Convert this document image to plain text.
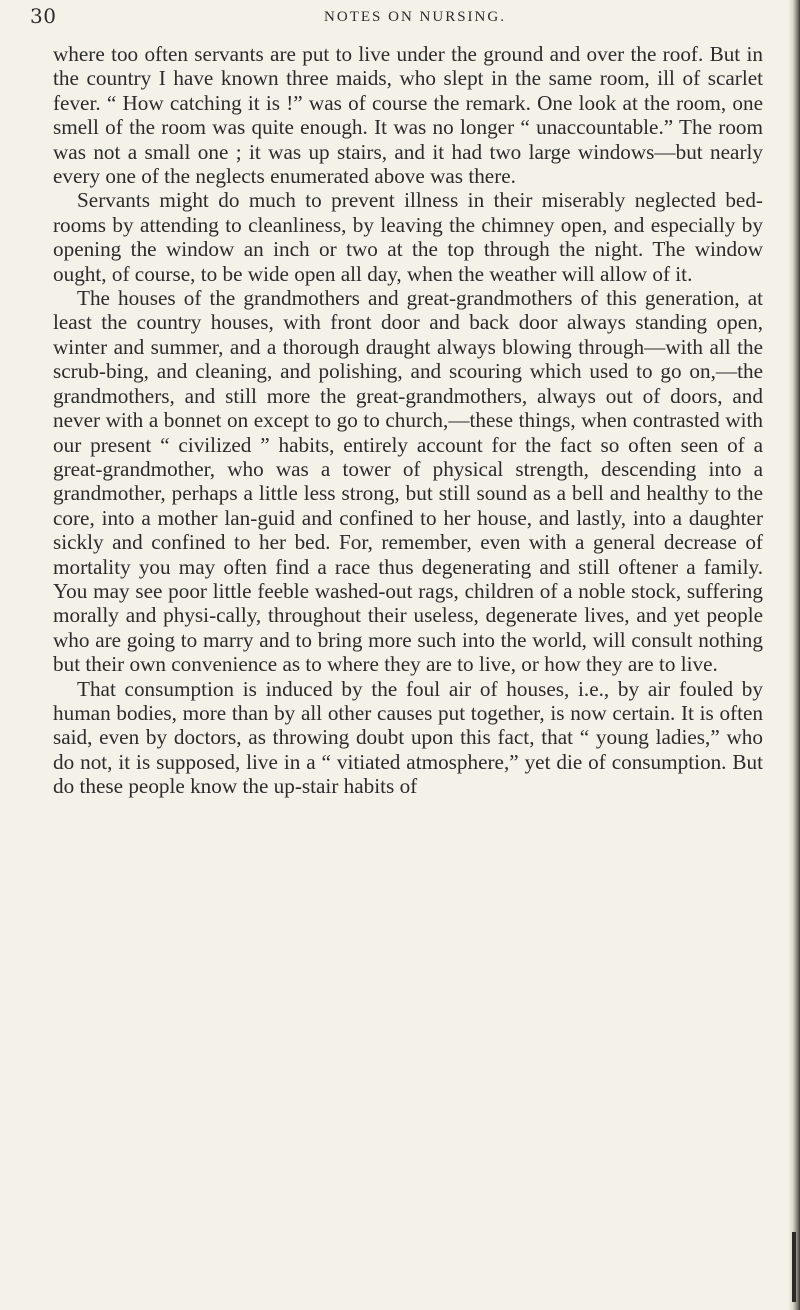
30	NOTES ON NURSING.

where too often servants are put to live under the ground and over the roof. But in the country I have known three maids, who slept in the same room, ill of scarlet fever. “ How catching it is !” was of course the remark. One look at the room, one smell of the room was quite enough. It was no longer “ unaccountable.” The room was not a small one ; it was up stairs, and it had two large windows—but nearly every one of the neglects enumerated above was there.

Servants might do much to prevent illness in their miserably neglected bed-rooms by attending to cleanliness, by leaving the chimney open, and especially by opening the window an inch or two at the top through the night. The window ought, of course, to be wide open all day, when the weather will allow of it.

The houses of the grandmothers and great-grandmothers of this generation, at least the country houses, with front door and back door always standing open, winter and summer, and a thorough draught always blowing through—with all the scrub-bing, and cleaning, and polishing, and scouring which used to go on,—the grandmothers, and still more the great-grandmothers, always out of doors, and never with a bonnet on except to go to church,—these things, when contrasted with our present “ civilized ” habits, entirely account for the fact so often seen of a great-grandmother, who was a tower of physical strength, descending into a grandmother, perhaps a little less strong, but still sound as a bell and healthy to the core, into a mother lan-guid and confined to her house, and lastly, into a daughter sickly and confined to her bed. For, remember, even with a general decrease of mortality you may often find a race thus degenerating and still oftener a family. You may see poor little feeble washed-out rags, children of a noble stock, suffering morally and physi-cally, throughout their useless, degenerate lives, and yet people who are going to marry and to bring more such into the world, will consult nothing but their own convenience as to where they are to live, or how they are to live.

That consumption is induced by the foul air of houses, i.e., by air fouled by human bodies, more than by all other causes put together, is now certain. It is often said, even by doctors, as throwing doubt upon this fact, that “ young ladies,” who do not, it is supposed, live in a “ vitiated atmosphere,” yet die of consumption. But do these people know the up-stair habits of
